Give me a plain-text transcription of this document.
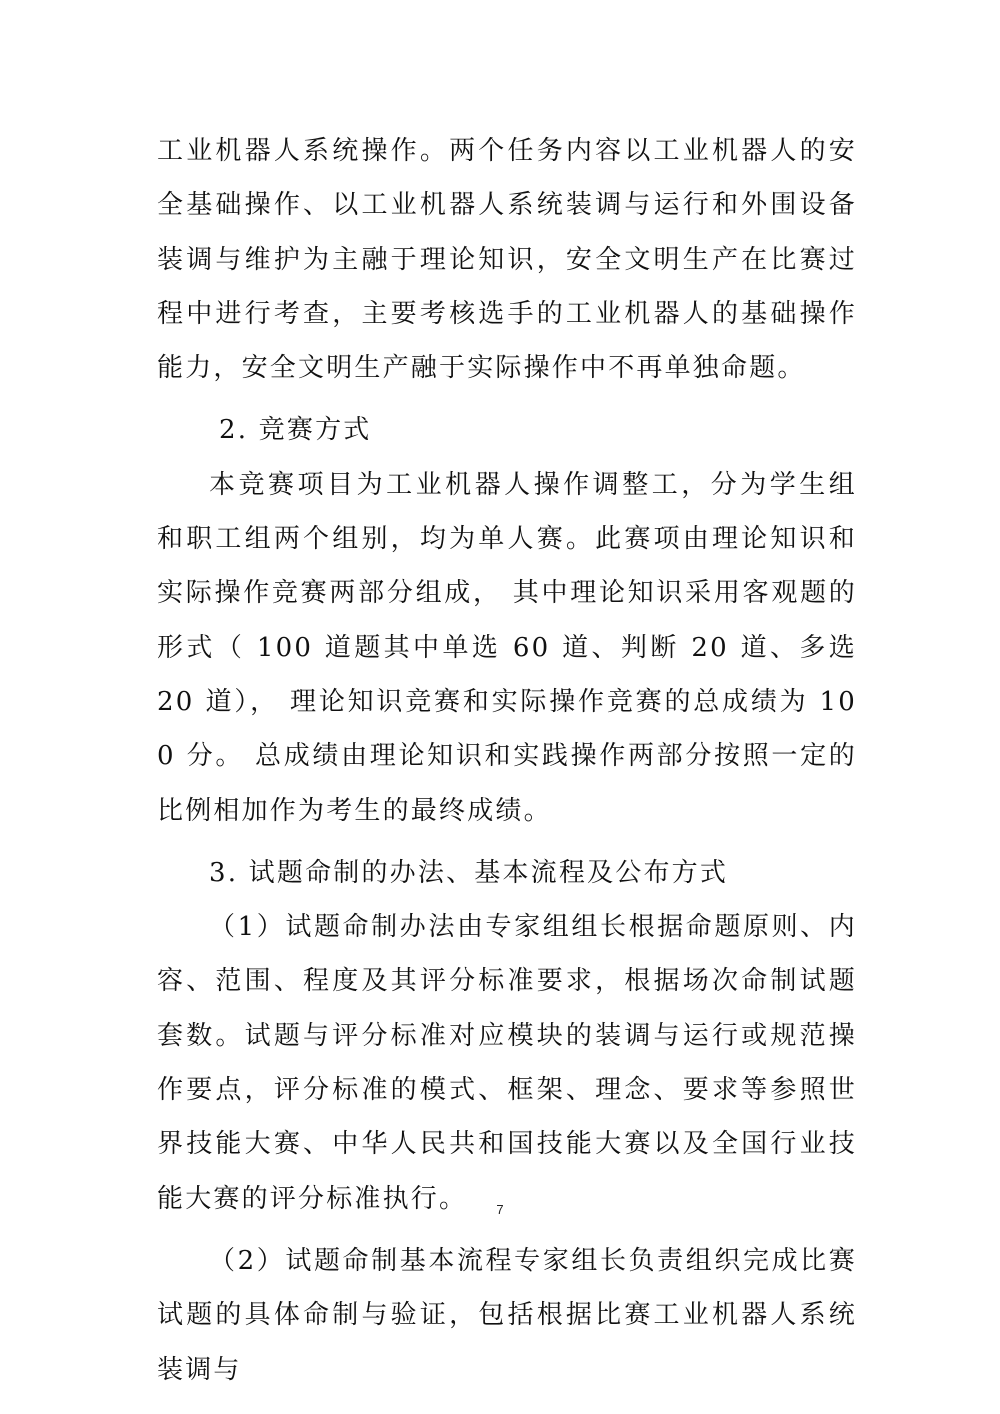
工业机器人系统操作。两个任务内容以工业机器人的安全基础操作、以工业机器人系统装调与运行和外围设备装调与维护为主融于理论知识，安全文明生产在比赛过程中进行考查，主要考核选手的工业机器人的基础操作能力，安全文明生产融于实际操作中不再单独命题。

2. 竞赛方式

本竞赛项目为工业机器人操作调整工，分为学生组和职工组两个组别，均为单人赛。此赛项由理论知识和实际操作竞赛两部分组成， 其中理论知识采用客观题的形式（ 100 道题其中单选 60 道、判断 20 道、多选 20 道）， 理论知识竞赛和实际操作竞赛的总成绩为 100 分。 总成绩由理论知识和实践操作两部分按照一定的比例相加作为考生的最终成绩。

3. 试题命制的办法、基本流程及公布方式

（1）试题命制办法由专家组组长根据命题原则、内容、范围、程度及其评分标准要求，根据场次命制试题套数。试题与评分标准对应模块的装调与运行或规范操作要点，评分标准的模式、框架、理念、要求等参照世界技能大赛、中华人民共和国技能大赛以及全国行业技能大赛的评分标准执行。

（2）试题命制基本流程专家组长负责组织完成比赛试题的具体命制与验证，包括根据比赛工业机器人系统装调与

7
